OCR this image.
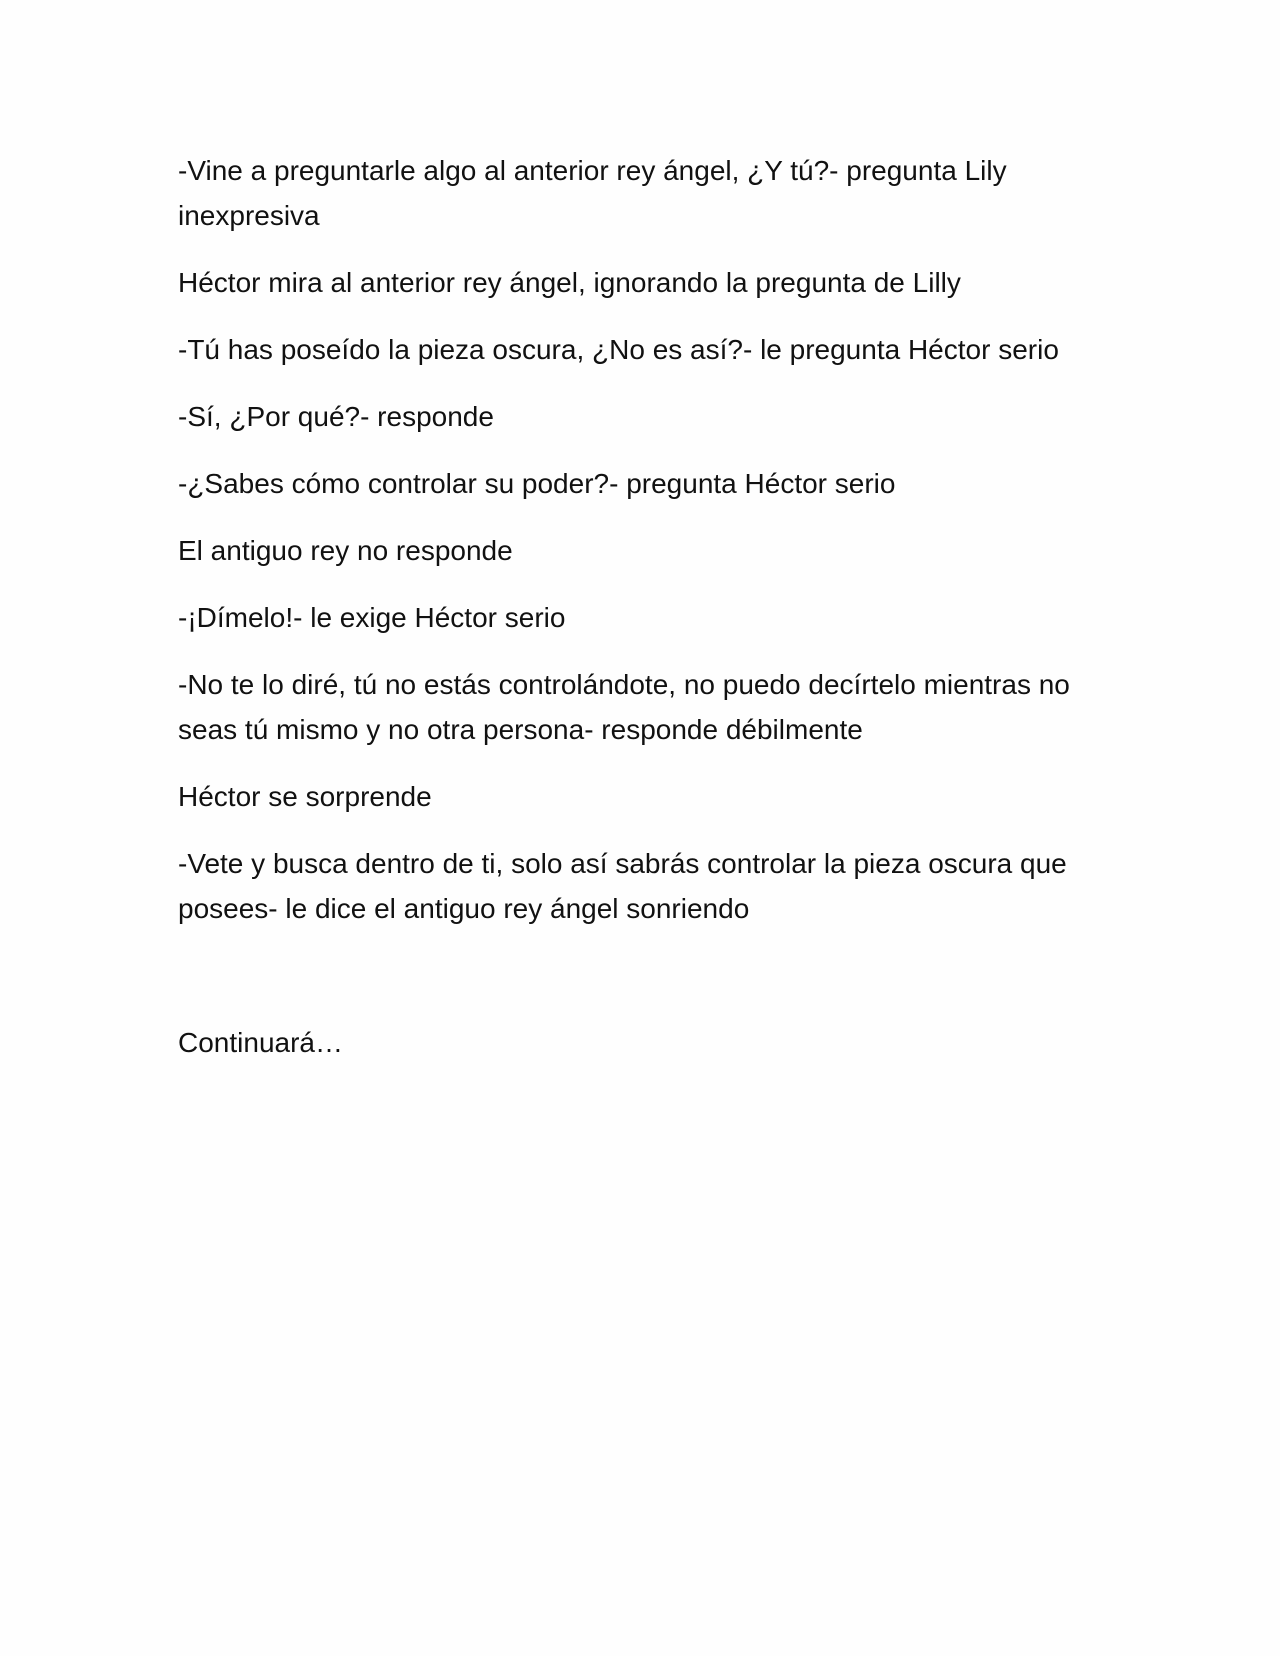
-Vine a preguntarle algo al anterior rey ángel, ¿Y tú?- pregunta Lily inexpresiva

Héctor mira al anterior rey ángel, ignorando la pregunta de Lilly

-Tú has poseído la pieza oscura, ¿No es así?- le pregunta Héctor serio

-Sí, ¿Por qué?- responde

-¿Sabes cómo controlar su poder?- pregunta Héctor serio

El antiguo rey no responde

-¡Dímelo!- le exige Héctor serio

-No te lo diré, tú no estás controlándote, no puedo decírtelo mientras no seas tú mismo y no otra persona- responde débilmente

Héctor se sorprende

-Vete y busca dentro de ti, solo así sabrás controlar la pieza oscura que posees- le dice el antiguo rey ángel sonriendo

Continuará…
